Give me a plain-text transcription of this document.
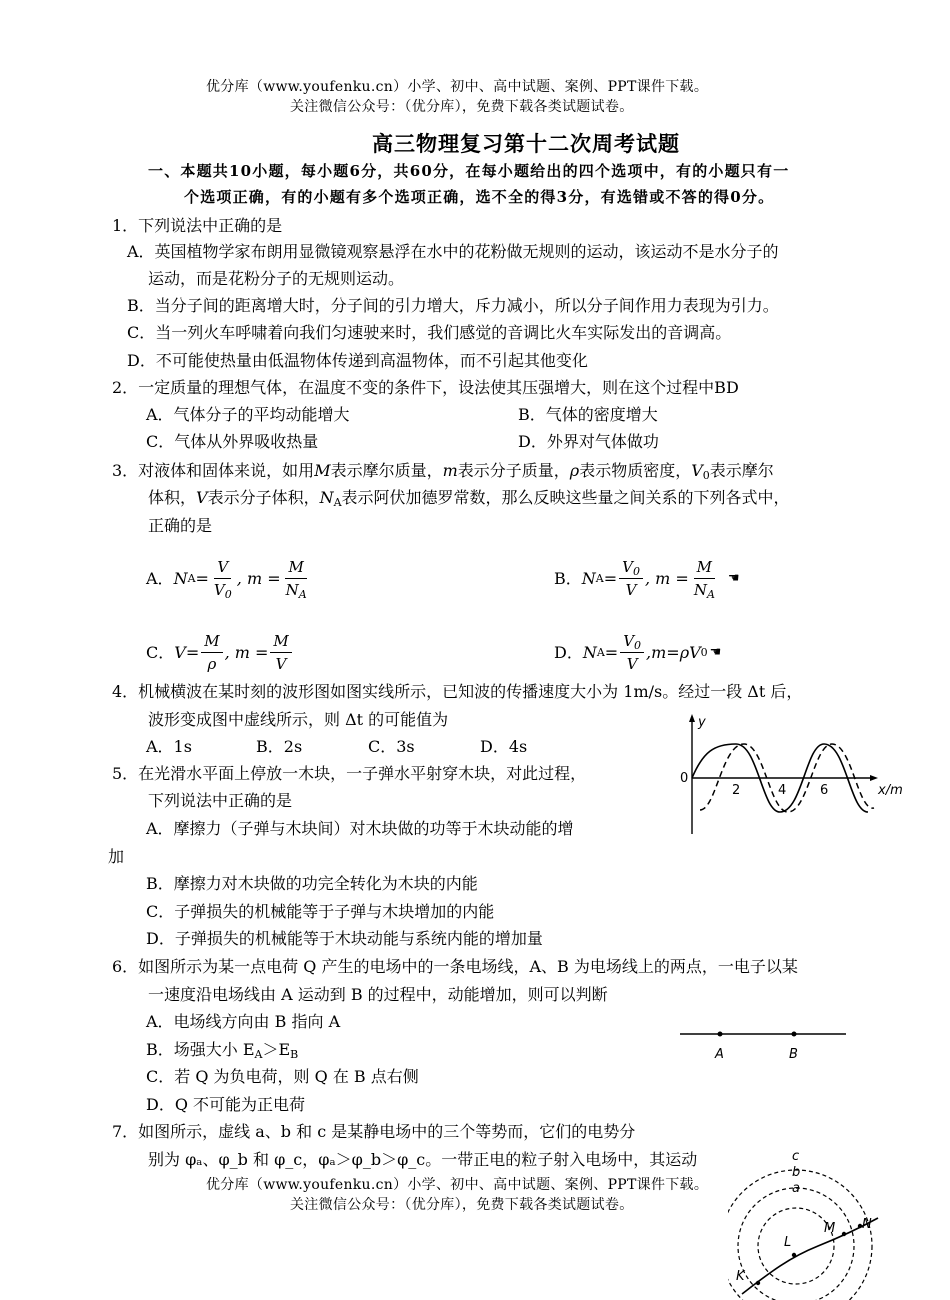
优分库（www.youfenku.cn）小学、初中、高中试题、案例、PPT课件下载。
关注微信公众号：（优分库），免费下载各类试题试卷。
高三物理复习第十二次周考试题
一、本题共10小题，每小题6分，共60分，在每小题给出的四个选项中，有的小题只有一
个选项正确，有的小题有多个选项正确，选不全的得3分，有选错或不答的得0分。
1．下列说法中正确的是
A．英国植物学家布朗用显微镜观察悬浮在水中的花粉做无规则的运动，该运动不是水分子的
运动，而是花粉分子的无规则运动。
B．当分子间的距离增大时，分子间的引力增大，斥力减小，所以分子间作用力表现为引力。
C．当一列火车呼啸着向我们匀速驶来时，我们感觉的音调比火车实际发出的音调高。
D．不可能使热量由低温物体传递到高温物体，而不引起其他变化
2．一定质量的理想气体，在温度不变的条件下，设法使其压强增大，则在这个过程中BD
A．气体分子的平均动能增大	B．气体的密度增大
C．气体从外界吸收热量	D．外界对气体做功
3．对液体和固体来说，如用M表示摩尔质量，m表示分子质量，ρ表示物质密度，$V_0$表示摩尔
体积，V表示分子体积，$N_A$表示阿伏加德罗常数，那么反映这些量之间关系的下列各式中，
正确的是
A． N $A = \frac{V}{V_0}$ , $m = \frac{M}{N_A}$	B． N $A = \frac{V_0}{V}$ , $m = \frac{M}{N_A}$ ☚
C． $V = \frac{M}{\rho}$ , $m = \frac{M}{V}$	D． N $A = \frac{V_0}{V} ,m=\rho V$ 0 ☚
4．机械横波在某时刻的波形图如图实线所示，已知波的传播速度大小为 1m/s。经过一段 Δt 后，
波形变成图中虚线所示，则 Δt 的可能值为
A．1s	B．2s	C．3s	D．4s
y
0
2	4	6	x/m
5．在光滑水平面上停放一木块，一子弹水平射穿木块，对此过程，
下列说法中正确的是
A．摩擦力（子弹与木块间）对木块做的功等于木块动能的增
加
B．摩擦力对木块做的功完全转化为木块的内能
C．子弹损失的机械能等于子弹与木块增加的内能
D．子弹损失的机械能等于木块动能与系统内能的增加量
6．如图所示为某一点电荷 Q 产生的电场中的一条电场线，A、B 为电场线上的两点，一电子以某
一速度沿电场线由 A 运动到 B 的过程中，动能增加，则可以判断
A．电场线方向由 B 指向 A
B．场强大小 $E_A>E_B$
C．若 Q 为负电荷，则 Q 在 B 点右侧
D．Q 不可能为正电荷
A	B
7．如图所示，虚线 a、b 和 c 是某静电场中的三个等势而，它们的电势分
别为 φₐ、φ_b 和 φ_c，φₐ＞φ_b＞φ_c。一带正电的粒子射入电场中，其运动	c
b
a
K
L
M N
优分库（www.youfenku.cn）小学、初中、高中试题、案例、PPT课件下载。
关注微信公众号：（优分库），免费下载各类试题试卷。
